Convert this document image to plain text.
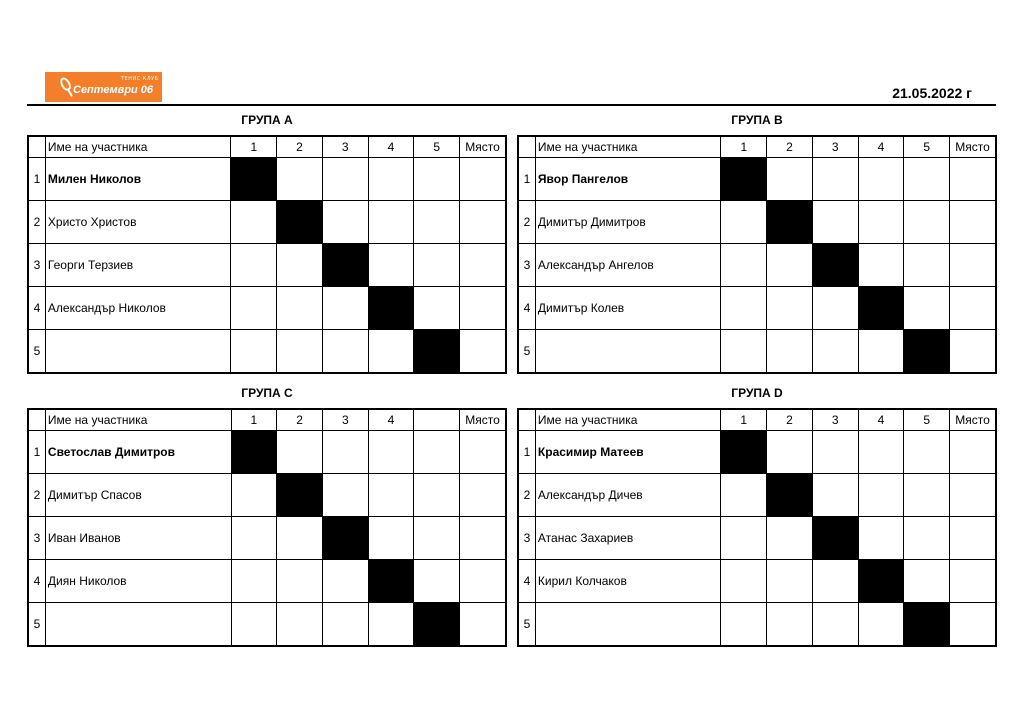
ТЕНИС КЛУБ
Септември 06	21.05.2022 г
ГРУПА А
	Име на участника	1	2	3	4	5	Място
1	Милен Николов						
2	Христо Христов						
3	Георги Терзиев						
4	Александър Николов						
5							
ГРУПА B
	Име на участника	1	2	3	4	5	Място
1	Явор Пангелов						
2	Димитър Димитров						
3	Александър Ангелов						
4	Димитър Колев						
5							
ГРУПА C
	Име на участника	1	2	3	4		Място
1	Светослав Димитров						
2	Димитър Спасов						
3	Иван Иванов						
4	Диян Николов						
5							
ГРУПА D
	Име на участника	1	2	3	4	5	Място
1	Красимир Матеев						
2	Александър Дичев						
3	Атанас Захариев						
4	Кирил Колчаков						
5							
